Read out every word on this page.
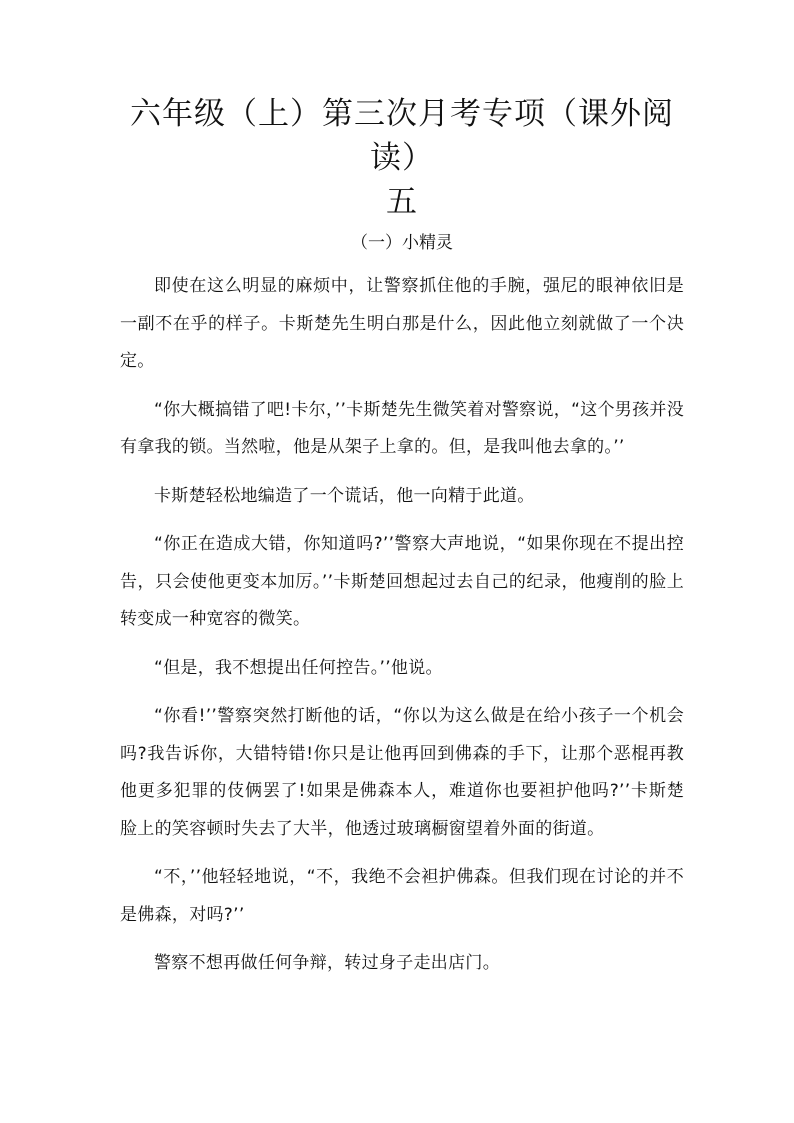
六年级（上）第三次月考专项（课外阅读）
五
（一）小精灵

即使在这么明显的麻烦中，让警察抓住他的手腕，强尼的眼神依旧是一副不在乎的样子。卡斯楚先生明白那是什么，因此他立刻就做了一个决定。

“你大概搞错了吧!卡尔，’’卡斯楚先生微笑着对警察说，“这个男孩并没有拿我的锁。当然啦，他是从架子上拿的。但，是我叫他去拿的。’’

卡斯楚轻松地编造了一个谎话，他一向精于此道。

“你正在造成大错，你知道吗?’’警察大声地说，“如果你现在不提出控告，只会使他更变本加厉。’’卡斯楚回想起过去自己的纪录，他瘦削的脸上转变成一种宽容的微笑。

“但是，我不想提出任何控告。’’他说。

“你看!’’警察突然打断他的话，“你以为这么做是在给小孩子一个机会吗?我告诉你，大错特错!你只是让他再回到佛森的手下，让那个恶棍再教他更多犯罪的伎俩罢了!如果是佛森本人，难道你也要袒护他吗?’’卡斯楚脸上的笑容顿时失去了大半，他透过玻璃橱窗望着外面的街道。

“不，’’他轻轻地说，“不，我绝不会袒护佛森。但我们现在讨论的并不是佛森，对吗?’’

警察不想再做任何争辩，转过身子走出店门。
